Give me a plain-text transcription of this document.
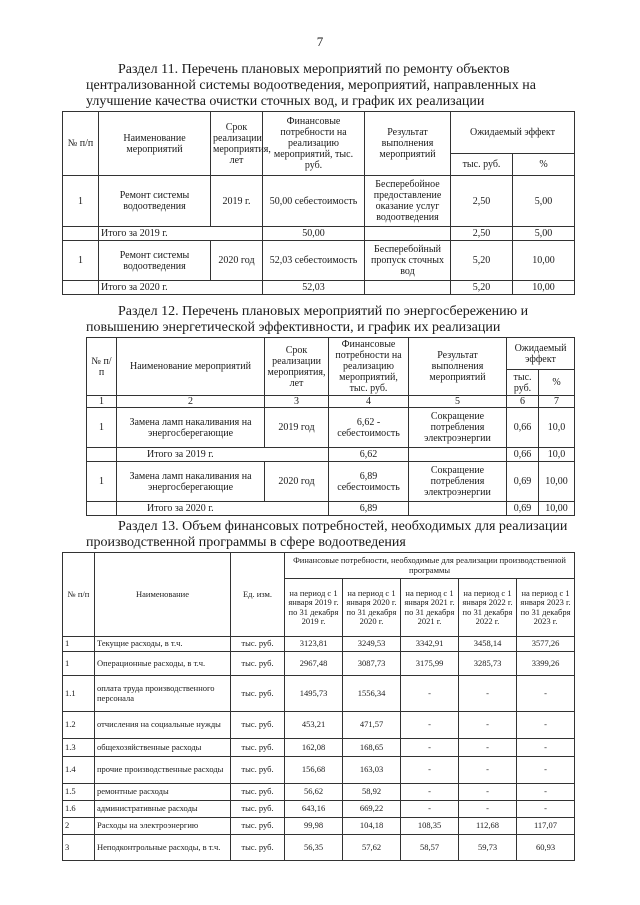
7
Раздел 11. Перечень плановых мероприятий по ремонту объектов
централизованной системы водоотведения, мероприятий, направленных на
улучшение качества очистки сточных вод, и график их реализации
№ п/п	Наименование мероприятий	Срок реализации мероприятия, лет	Финансовые потребности на реализацию мероприятий, тыс. руб.	Результат выполнения мероприятий	Ожидаемый эффект	
					тыс. руб.	%
1	Ремонт системы водоотведения	2019 г.	50,00 себестоимость	Бесперебойное предоставление оказание услуг водоотведения	2,50	5,00
	Итого за 2019 г.		50,00		2,50	5,00
1	Ремонт системы водоотведения	2020 год	52,03 себестоимость	Бесперебойный пропуск сточных вод	5,20	10,00
	Итого за 2020 г.		52,03		5,20	10,00
Раздел 12. Перечень плановых мероприятий по энергосбережению и
повышению энергетической эффективности, и график их реализации
№ п/п	Наименование мероприятий	Срок реализации мероприятия, лет	Финансовые потребности на реализацию мероприятий, тыс. руб.	Результат выполнения мероприятий	Ожидаемый эффект	
					тыс. руб.	%
1	2	3	4	5	6	7
1	Замена ламп накаливания на энергосберегающие	2019 год	6,62 - себестоимость	Сокращение потребления электроэнергии	0,66	10,0
	Итого за 2019 г.		6,62		0,66	10,0
1	Замена ламп накаливания на энергосберегающие	2020 год	6,89 себестоимость	Сокращение потребления электроэнергии	0,69	10,00
	Итого за 2020 г.		6,89		0,69	10,00
Раздел 13. Объем финансовых потребностей, необходимых для реализации
производственной программы в сфере водоотведения
№ п/п	Наименование	Ед. изм.	Финансовые потребности, необходимые для реализации производственной программы				
			на период с 1 января 2019 г. по 31 декабря 2019 г.	на период с 1 января 2020 г. по 31 декабря 2020 г.	на период с 1 января 2021 г. по 31 декабря 2021 г.	на период с 1 января 2022 г. по 31 декабря 2022 г.	на период с 1 января 2023 г. по 31 декабря 2023 г.
1	Текущие расходы, в т.ч.	тыс. руб.	3123,81	3249,53	3342,91	3458,14	3577,26
1	Операционные расходы, в т.ч.	тыс. руб.	2967,48	3087,73	3175,99	3285,73	3399,26
1.1	оплата труда производственного персонала	тыс. руб.	1495,73	1556,34	-	-	-
1.2	отчисления на социальные нужды	тыс. руб.	453,21	471,57	-	-	-
1.3	общехозяйственные расходы	тыс. руб.	162,08	168,65	-	-	-
1.4	прочие производственные расходы	тыс. руб.	156,68	163,03	-	-	-
1.5	ремонтные расходы	тыс. руб.	56,62	58,92	-	-	-
1.6	административные расходы	тыс. руб.	643,16	669,22	-	-	-
2	Расходы на электроэнергию	тыс. руб.	99,98	104,18	108,35	112,68	117,07
3	Неподконтрольные расходы, в т.ч.	тыс. руб.	56,35	57,62	58,57	59,73	60,93
